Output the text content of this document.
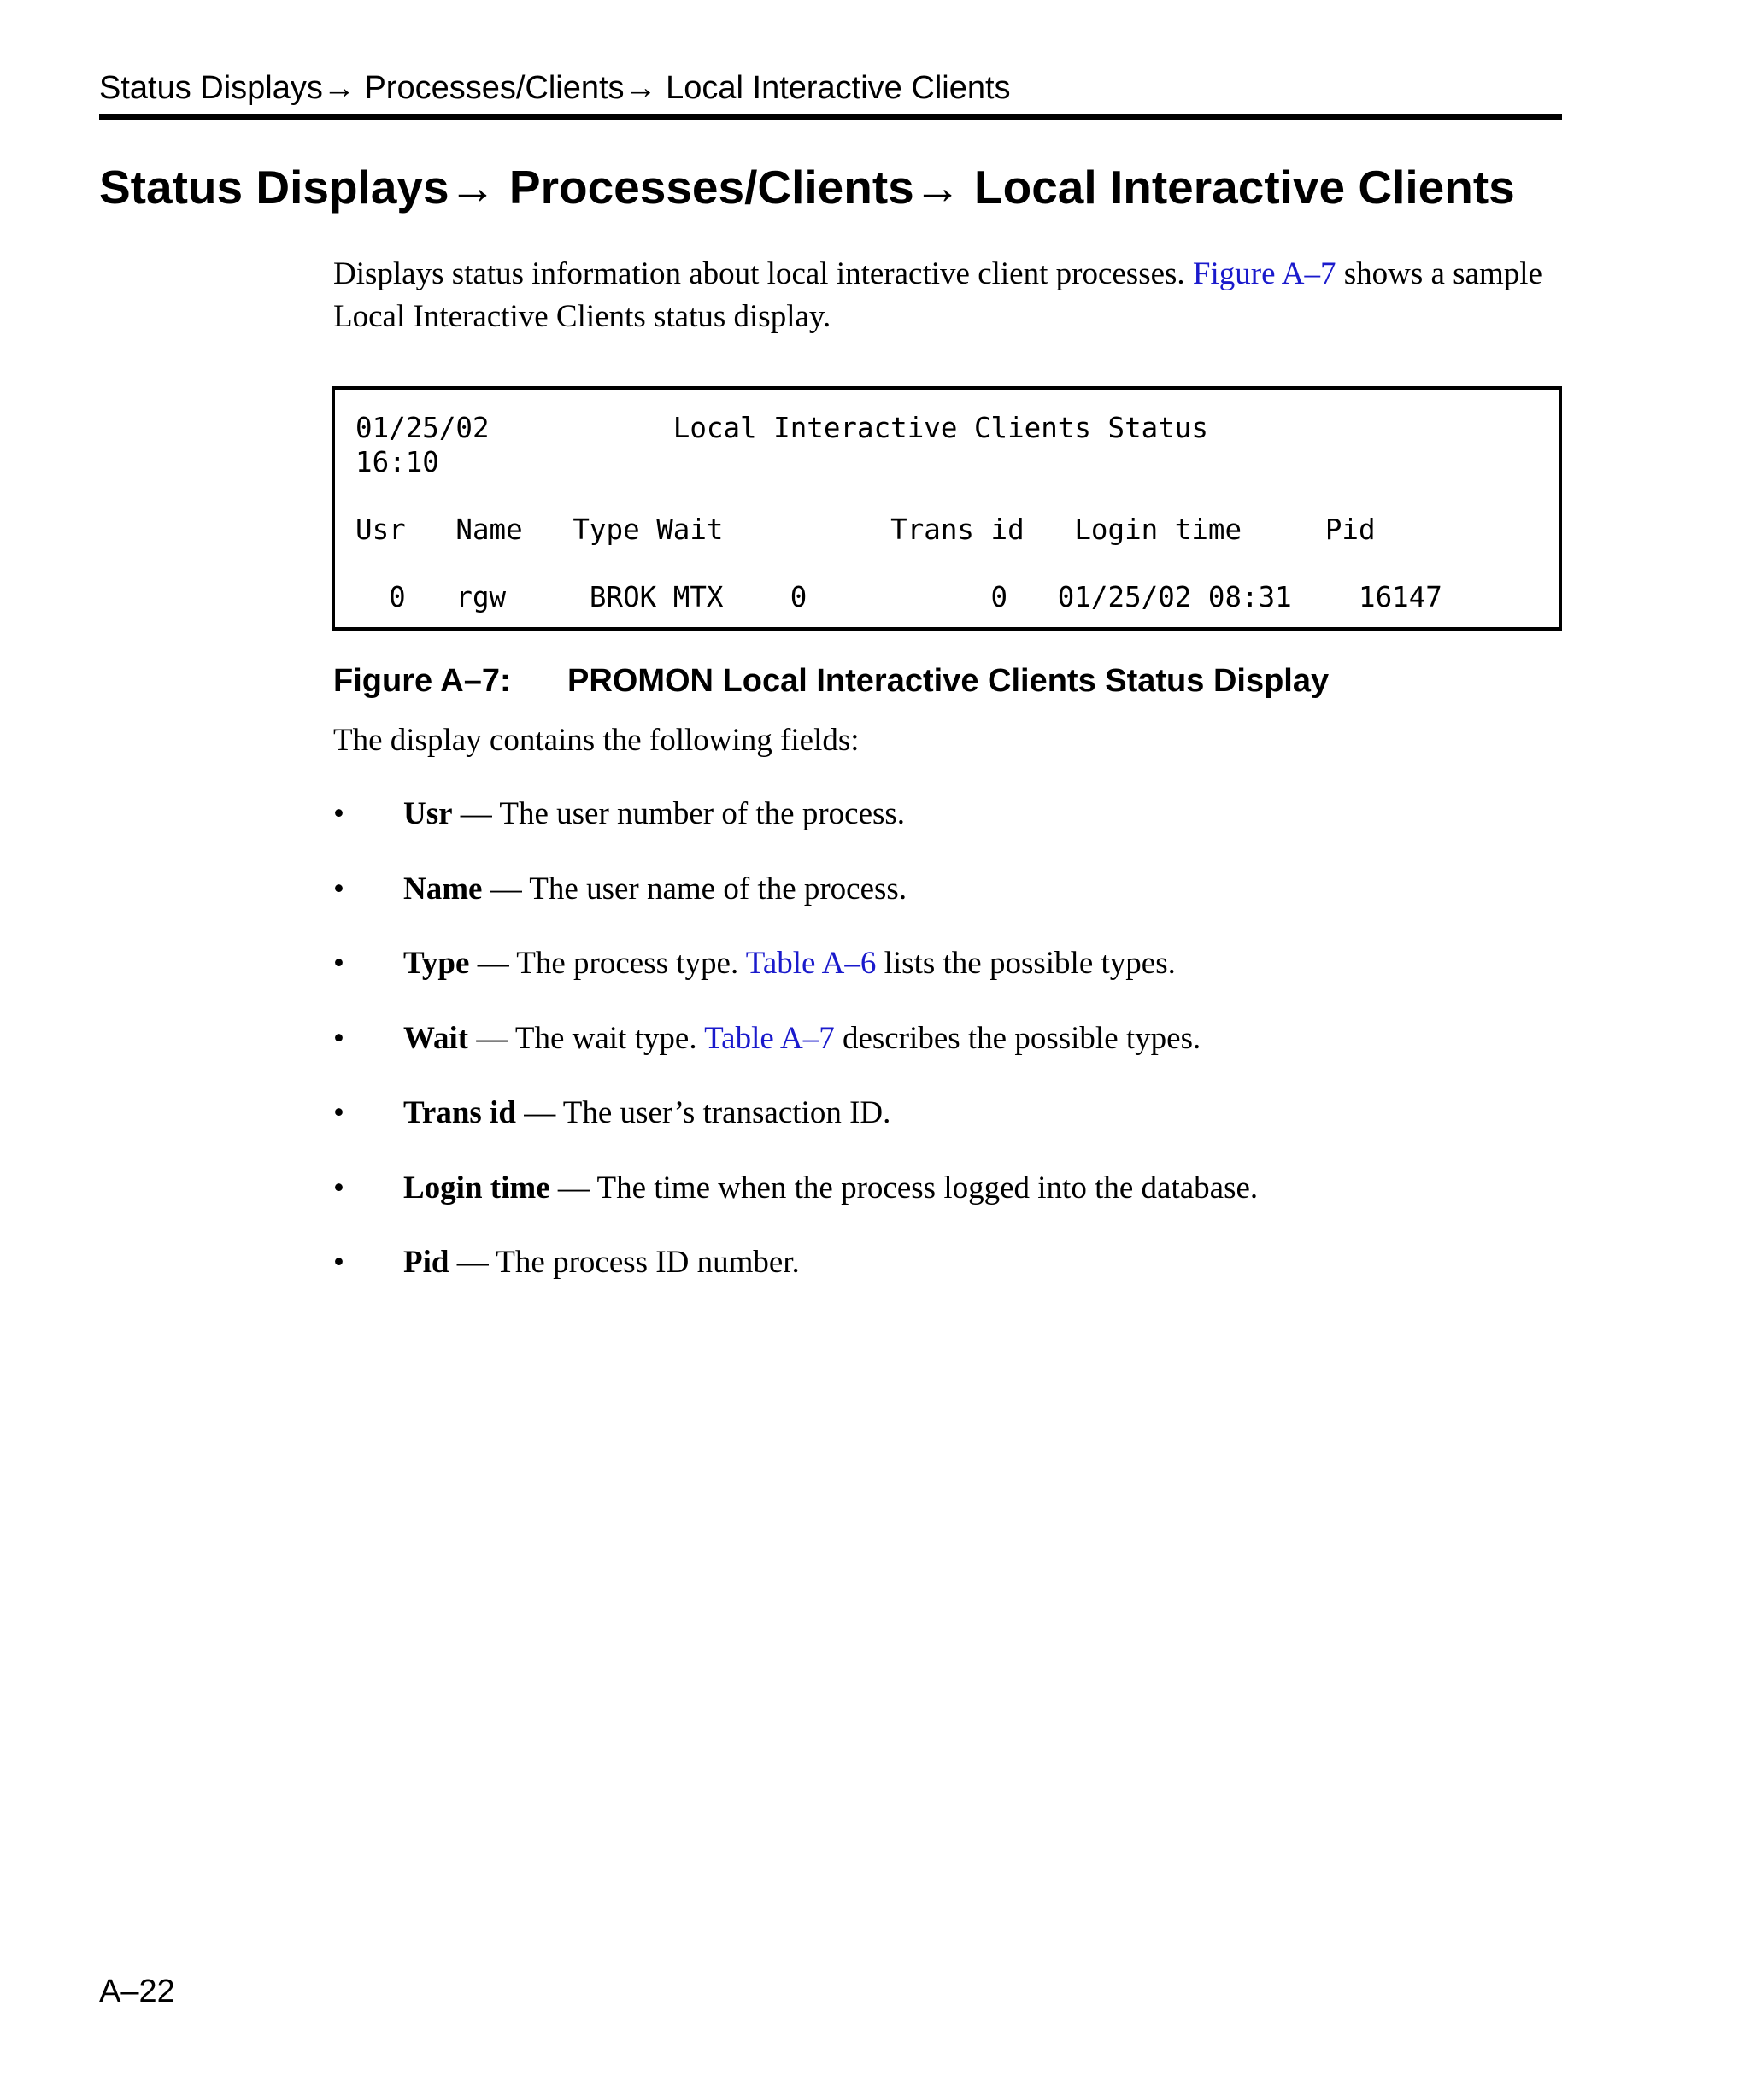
Status Displays→ Processes/Clients→ Local Interactive Clients
Status Displays→ Processes/Clients→ Local Interactive Clients

Displays status information about local interactive client processes. Figure A–7 shows a sample Local Interactive Clients status display.

01/25/02           Local Interactive Clients Status
16:10

Usr   Name   Type Wait          Trans id   Login time     Pid

0   rgw     BROK MTX    0           0   01/25/02 08:31    16147
Figure A–7: PROMON Local Interactive Clients Status Display

The display contains the following fields:

• Usr — The user number of the process.
• Name — The user name of the process.
• Type — The process type. Table A–6 lists the possible types.
• Wait — The wait type. Table A–7 describes the possible types.
• Trans id — The user’s transaction ID.
• Login time — The time when the process logged into the database.
• Pid — The process ID number.
A–22
